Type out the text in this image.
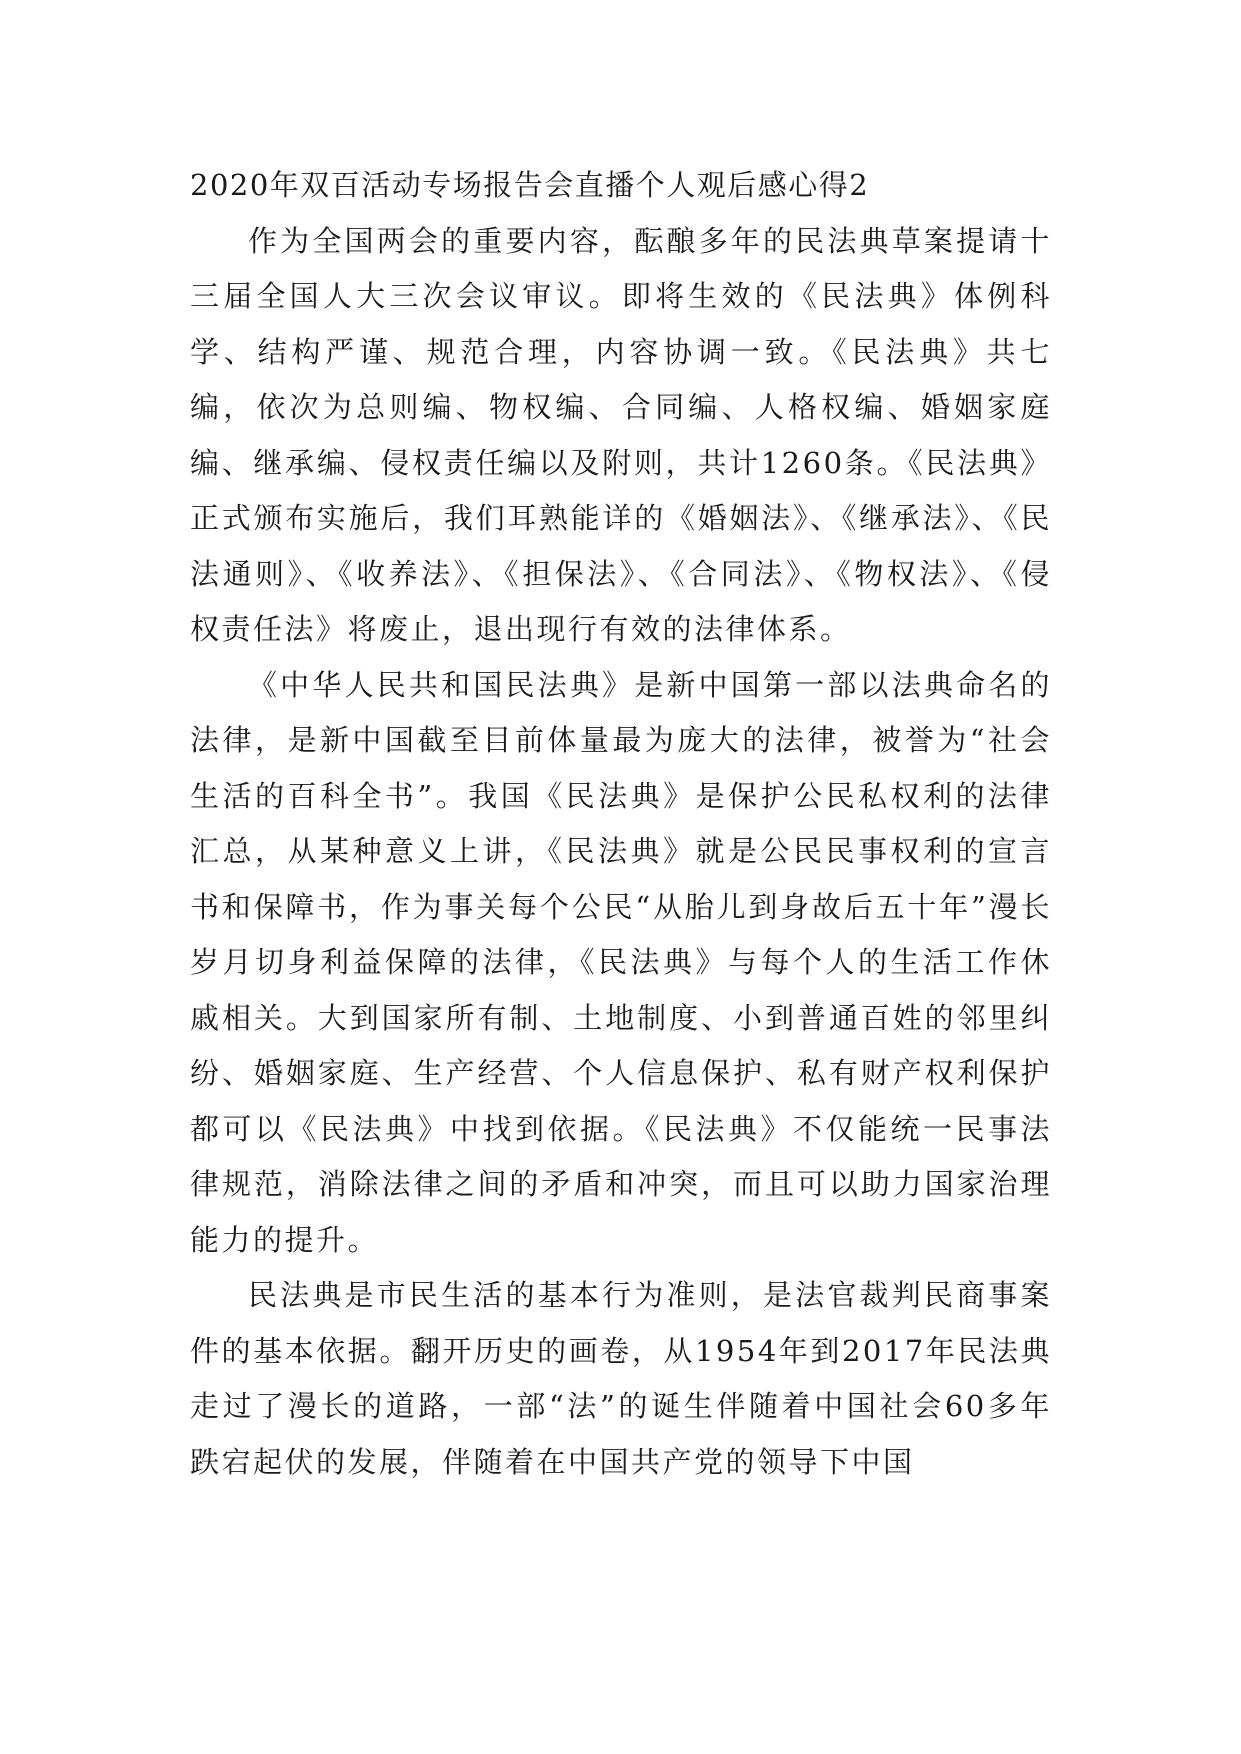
2020年双百活动专场报告会直播个人观后感心得2

作为全国两会的重要内容，酝酿多年的民法典草案提请十三届全国人大三次会议审议。即将生效的《民法典》体例科学、结构严谨、规范合理，内容协调一致。《民法典》共七编，依次为总则编、物权编、合同编、人格权编、婚姻家庭编、继承编、侵权责任编以及附则，共计1260条。《民法典》正式颁布实施后，我们耳熟能详的《婚姻法》、《继承法》、《民法通则》、《收养法》、《担保法》、《合同法》、《物权法》、《侵权责任法》将废止，退出现行有效的法律体系。

《中华人民共和国民法典》是新中国第一部以法典命名的法律，是新中国截至目前体量最为庞大的法律，被誉为“社会生活的百科全书”。我国《民法典》是保护公民私权利的法律汇总，从某种意义上讲，《民法典》就是公民民事权利的宣言书和保障书，作为事关每个公民“从胎儿到身故后五十年”漫长岁月切身利益保障的法律，《民法典》与每个人的生活工作休戚相关。大到国家所有制、土地制度、小到普通百姓的邻里纠纷、婚姻家庭、生产经营、个人信息保护、私有财产权利保护都可以《民法典》中找到依据。《民法典》不仅能统一民事法律规范，消除法律之间的矛盾和冲突，而且可以助力国家治理能力的提升。

民法典是市民生活的基本行为准则，是法官裁判民商事案件的基本依据。翻开历史的画卷，从1954年到2017年民法典走过了漫长的道路，一部“法”的诞生伴随着中国社会60多年跌宕起伏的发展，伴随着在中国共产党的领导下中国
